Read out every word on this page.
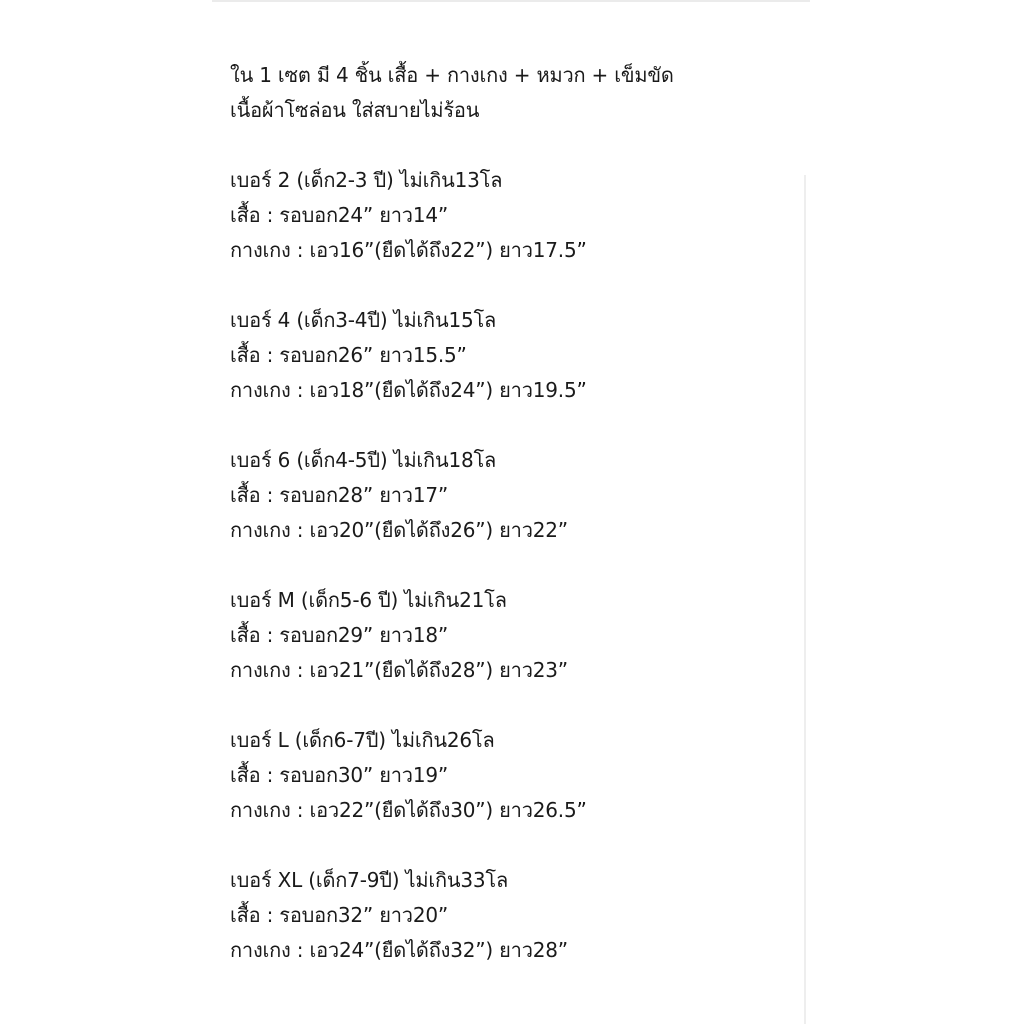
ใน 1 เซต มี 4 ชิ้น เสื้อ + กางเกง + หมวก + เข็มขัด
เนื้อผ้าโซล่อน ใส่สบายไม่ร้อน
เบอร์ 2 (เด็ก2-3 ปี) ไม่เกิน13โล
เสื้อ : รอบอก24” ยาว14”
กางเกง : เอว16”(ยืดได้ถึง22”) ยาว17.5”
เบอร์ 4 (เด็ก3-4ปี) ไม่เกิน15โล
เสื้อ : รอบอก26” ยาว15.5”
กางเกง : เอว18”(ยืดได้ถึง24”) ยาว19.5”
เบอร์ 6 (เด็ก4-5ปี) ไม่เกิน18โล
เสื้อ : รอบอก28” ยาว17”
กางเกง : เอว20”(ยืดได้ถึง26”) ยาว22”
เบอร์ M (เด็ก5-6 ปี) ไม่เกิน21โล
เสื้อ : รอบอก29” ยาว18”
กางเกง : เอว21”(ยืดได้ถึง28”) ยาว23”
เบอร์ L (เด็ก6-7ปี) ไม่เกิน26โล
เสื้อ : รอบอก30” ยาว19”
กางเกง : เอว22”(ยืดได้ถึง30”) ยาว26.5”
เบอร์ XL (เด็ก7-9ปี) ไม่เกิน33โล
เสื้อ : รอบอก32” ยาว20”
กางเกง : เอว24”(ยืดได้ถึง32”) ยาว28”
